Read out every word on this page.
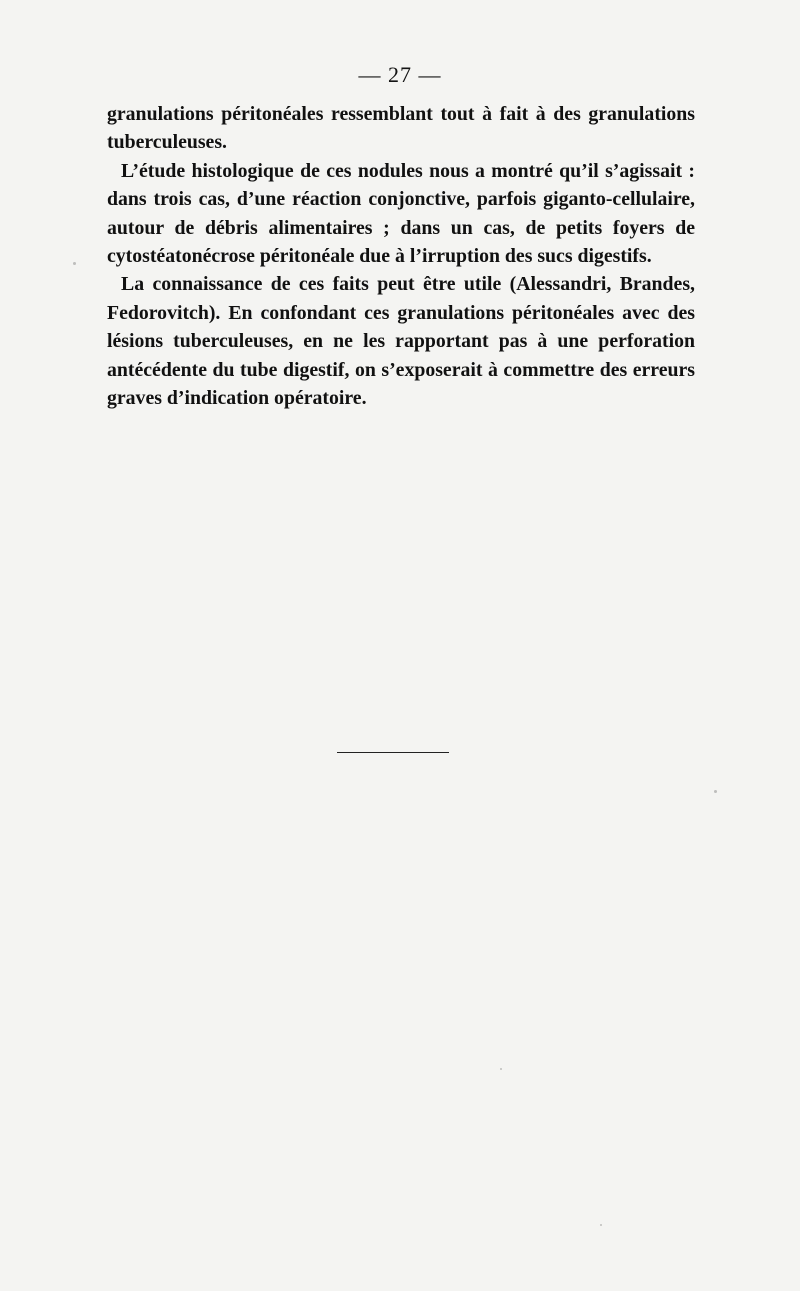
— 27 —

granulations péritonéales ressemblant tout à fait à des granulations tuberculeuses.

L’étude histologique de ces nodules nous a montré qu’il s’agissait : dans trois cas, d’une réaction conjonctive, parfois giganto-cellulaire, autour de débris alimentaires ; dans un cas, de petits foyers de cytostéatonécrose péritonéale due à l’irruption des sucs digestifs.

La connaissance de ces faits peut être utile (Alessandri, Brandes, Fedorovitch). En confondant ces granulations péritonéales avec des lésions tuberculeuses, en ne les rapportant pas à une perforation antécédente du tube digestif, on s’exposerait à commettre des erreurs graves d’indication opératoire.
